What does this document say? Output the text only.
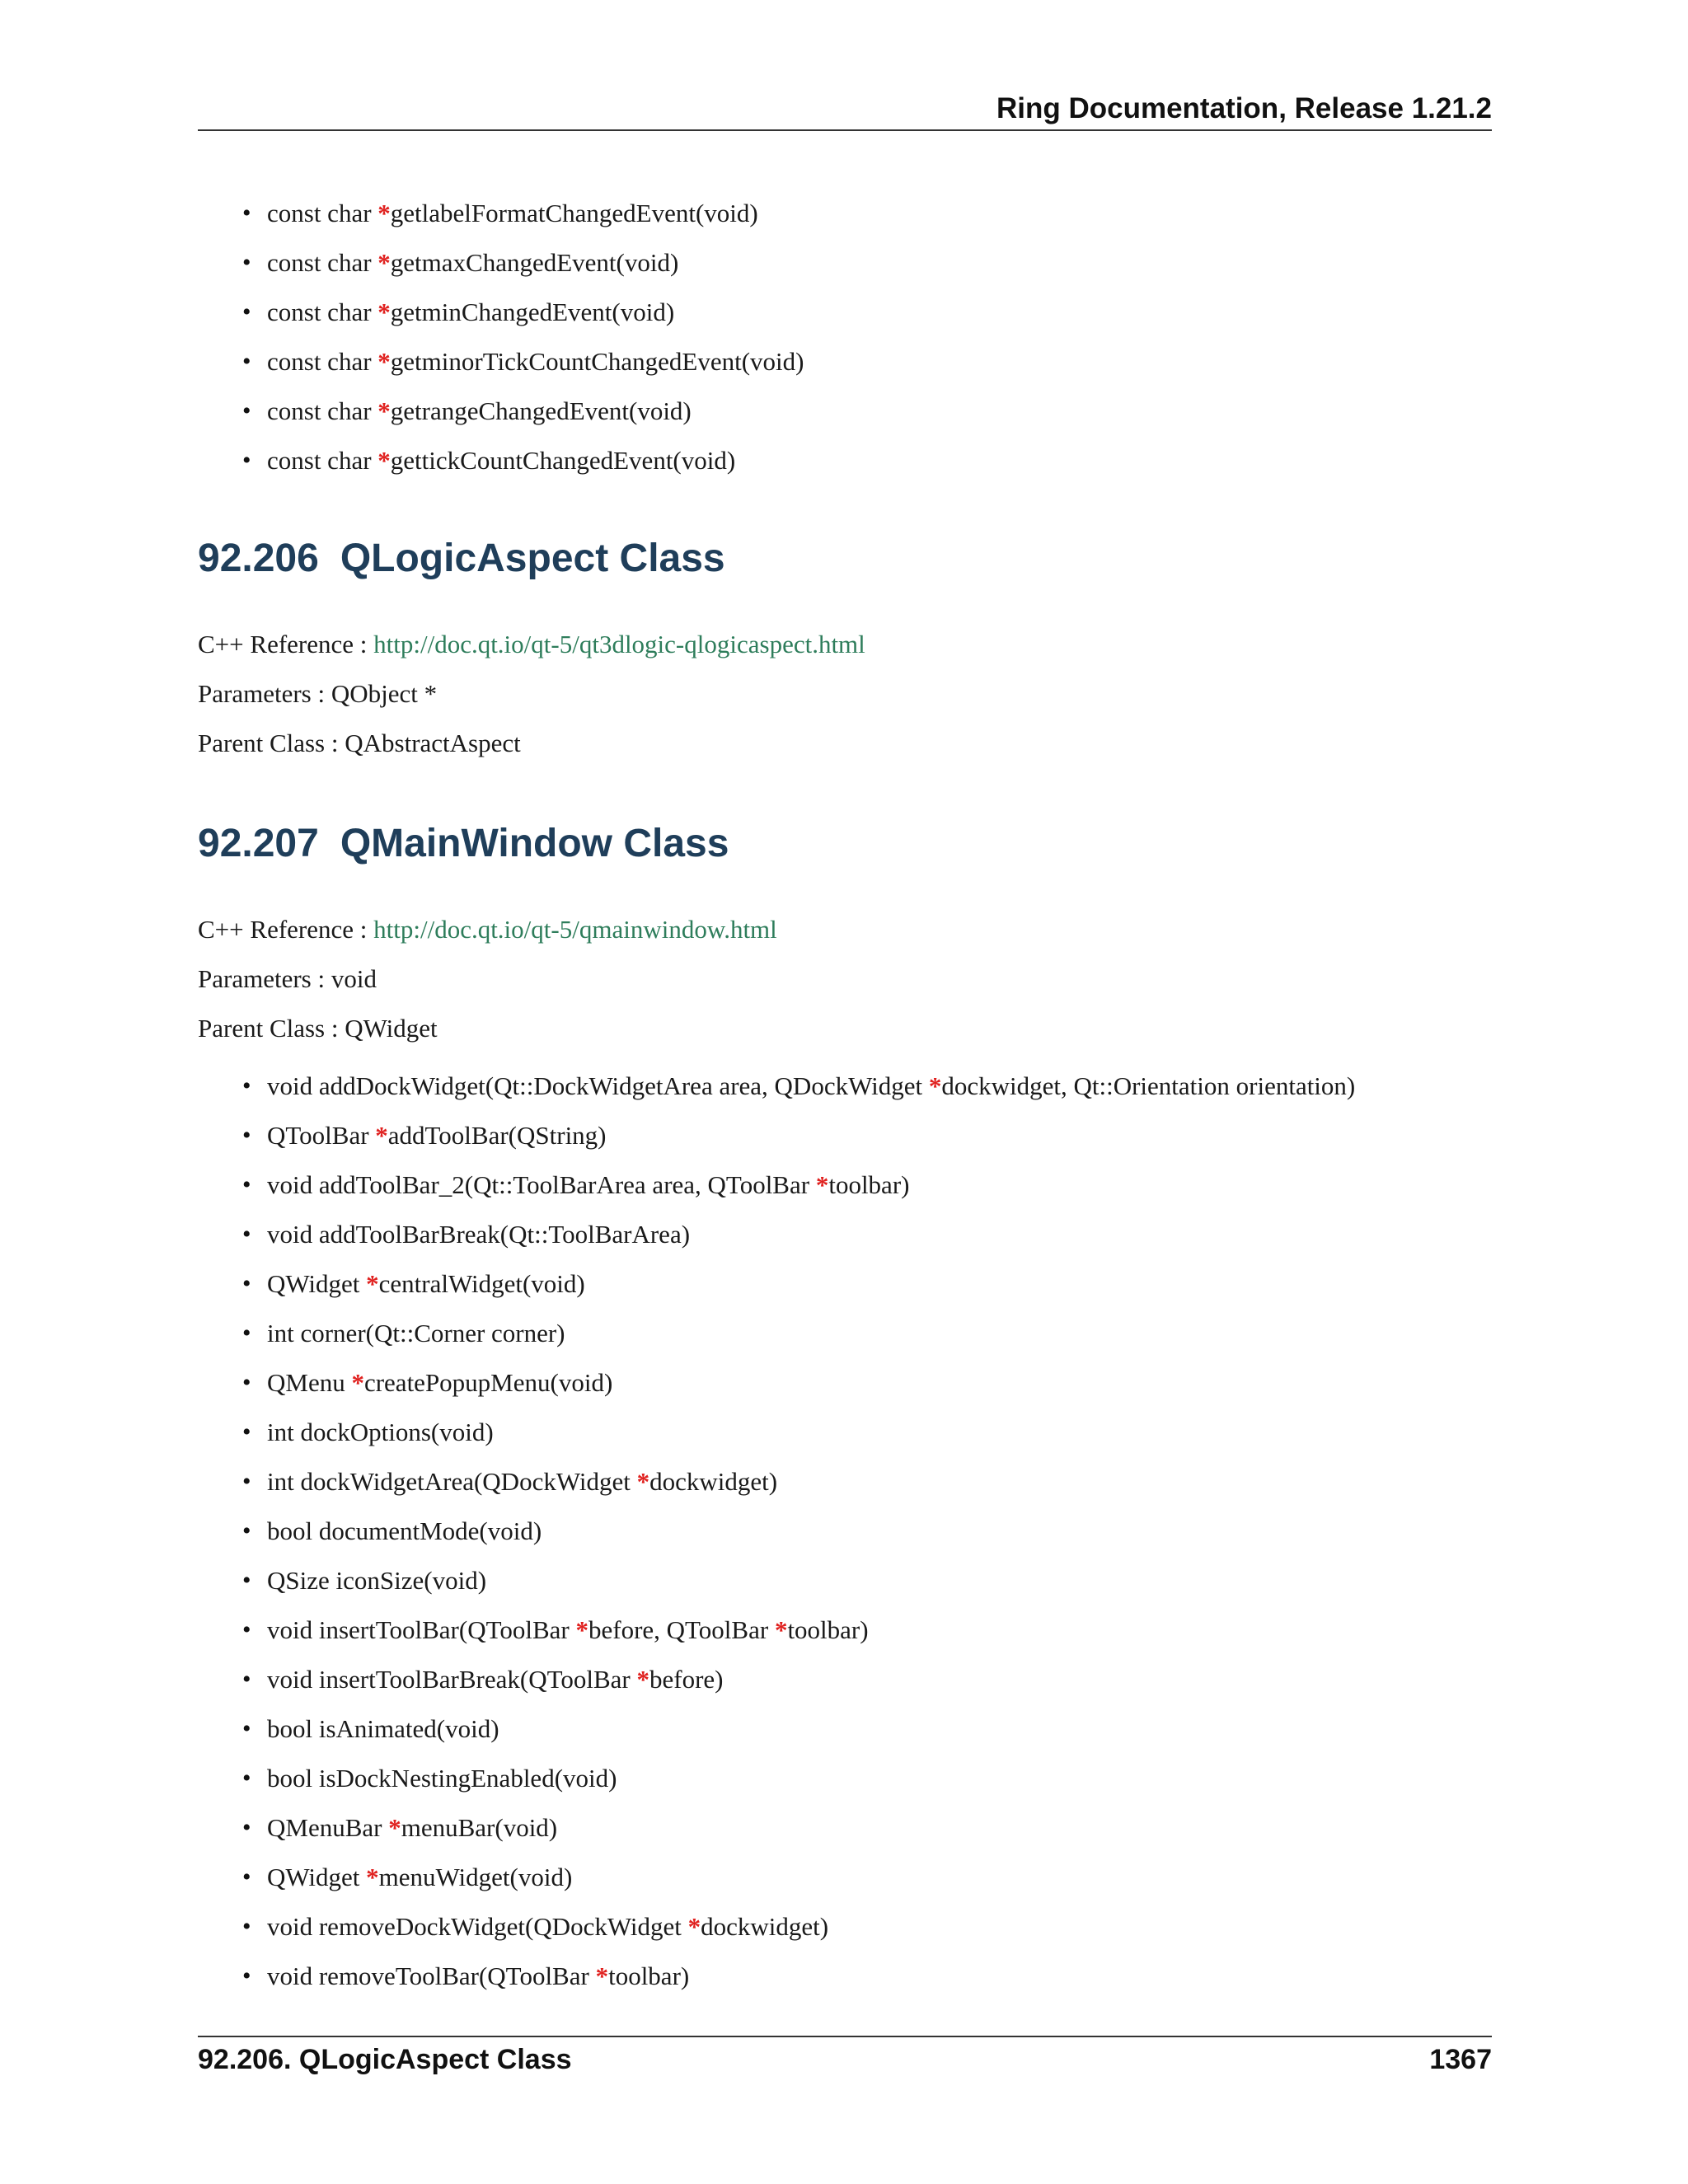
Ring Documentation, Release 1.21.2
• const char *getlabelFormatChangedEvent(void)
• const char *getmaxChangedEvent(void)
• const char *getminChangedEvent(void)
• const char *getminorTickCountChangedEvent(void)
• const char *getrangeChangedEvent(void)
• const char *gettickCountChangedEvent(void)
92.206 QLogicAspect Class
C++ Reference : http://doc.qt.io/qt-5/qt3dlogic-qlogicaspect.html
Parameters : QObject *
Parent Class : QAbstractAspect
92.207 QMainWindow Class
C++ Reference : http://doc.qt.io/qt-5/qmainwindow.html
Parameters : void
Parent Class : QWidget
• void addDockWidget(Qt::DockWidgetArea area, QDockWidget *dockwidget, Qt::Orientation orientation)
• QToolBar *addToolBar(QString)
• void addToolBar_2(Qt::ToolBarArea area, QToolBar *toolbar)
• void addToolBarBreak(Qt::ToolBarArea)
• QWidget *centralWidget(void)
• int corner(Qt::Corner corner)
• QMenu *createPopupMenu(void)
• int dockOptions(void)
• int dockWidgetArea(QDockWidget *dockwidget)
• bool documentMode(void)
• QSize iconSize(void)
• void insertToolBar(QToolBar *before, QToolBar *toolbar)
• void insertToolBarBreak(QToolBar *before)
• bool isAnimated(void)
• bool isDockNestingEnabled(void)
• QMenuBar *menuBar(void)
• QWidget *menuWidget(void)
• void removeDockWidget(QDockWidget *dockwidget)
• void removeToolBar(QToolBar *toolbar)
92.206. QLogicAspect Class	1367
